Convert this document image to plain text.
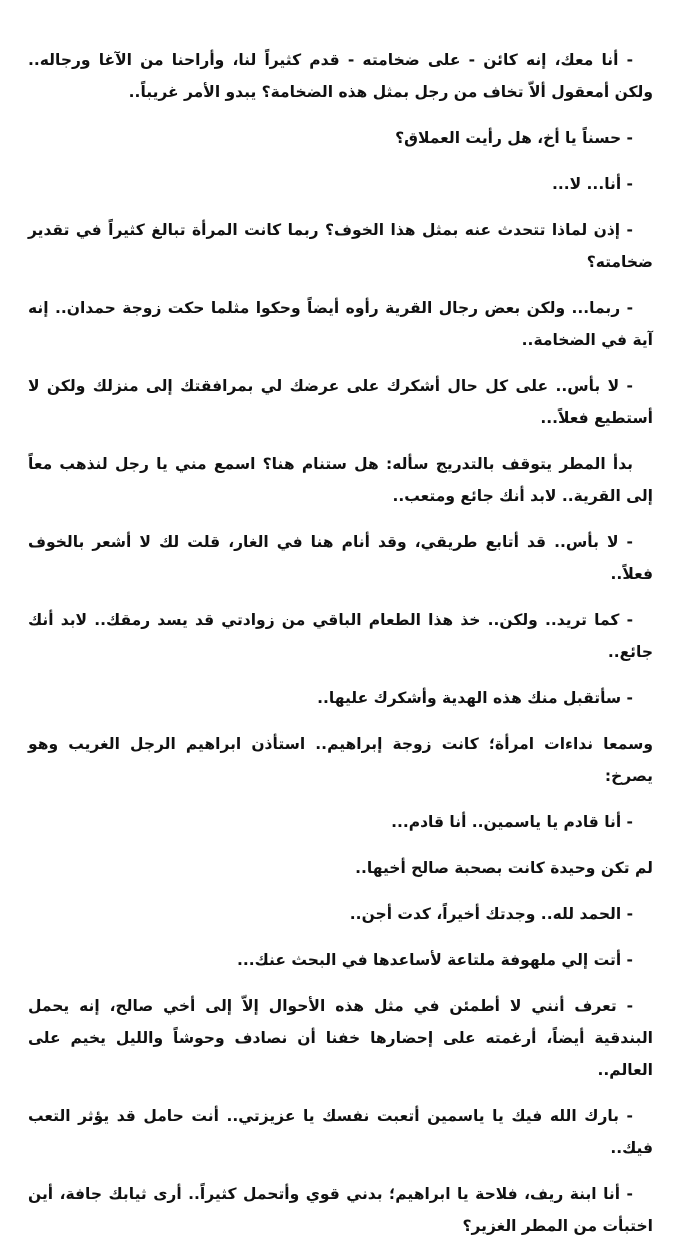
- أنا معك، إنه كائن - على ضخامته - قدم كثيراً لنا، وأراحنا من الآغا ورجاله.. ولكن أمعقول ألاّ تخاف من رجل بمثل هذه الضخامة؟ يبدو الأمر غريباً..

- حسناً يا أخ، هل رأيت العملاق؟

- أنا... لا...

- إذن لماذا تتحدث عنه بمثل هذا الخوف؟ ربما كانت المرأة تبالغ كثيراً في تقدير ضخامته؟

- ربما... ولكن بعض رجال القرية رأوه أيضاً وحكوا مثلما حكت زوجة حمدان.. إنه آية في الضخامة..

- لا بأس.. على كل حال أشكرك على عرضك لي بمرافقتك إلى منزلك ولكن لا أستطيع فعلاً...

بدأ المطر يتوقف بالتدريج سأله: هل ستنام هنا؟ اسمع مني يا رجل لنذهب معاً إلى القرية.. لابد أنك جائع ومتعب..

- لا بأس.. قد أتابع طريقي، وقد أنام هنا في الغار، قلت لك لا أشعر بالخوف فعلاً..

- كما تريد.. ولكن.. خذ هذا الطعام الباقي من زوادتي قد يسد رمقك.. لابد أنك جائع..

- سأتقبل منك هذه الهدية وأشكرك عليها..

وسمعا نداءات امرأة؛ كانت زوجة إبراهيم.. استأذن ابراهيم الرجل الغريب وهو يصرخ:

- أنا قادم يا ياسمين.. أنا قادم...

لم تكن وحيدة كانت بصحبة صالح أخيها..

- الحمد لله.. وجدتك أخيراً، كدت أجن..

- أتت إلي ملهوفة ملتاعة لأساعدها في البحث عنك...

- تعرف أنني لا أطمئن في مثل هذه الأحوال إلاّ إلى أخي صالح، إنه يحمل البندقية أيضاً، أرغمته على إحضارها خفنا أن نصادف وحوشاً والليل يخيم على العالم..

- بارك الله فيك يا ياسمين أتعبت نفسك يا عزيزتي.. أنت حامل قد يؤثر التعب فيك..

- أنا ابنة ريف، فلاحة يا ابراهيم؛ بدني قوي وأتحمل كثيراً.. أرى ثيابك جافة، أين اختبأت من المطر الغزير؟
